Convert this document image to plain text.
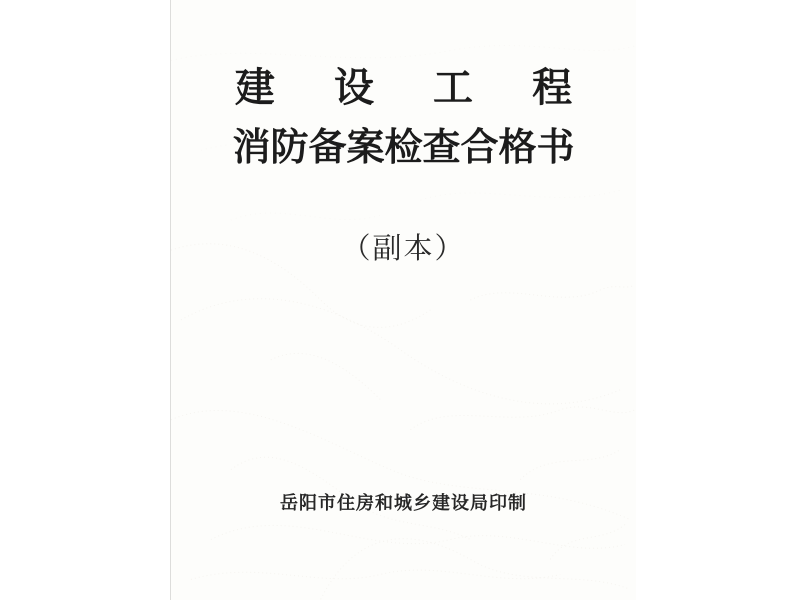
建 设 工 程
消防备案检查合格书
（副本）
岳阳市住房和城乡建设局印制
